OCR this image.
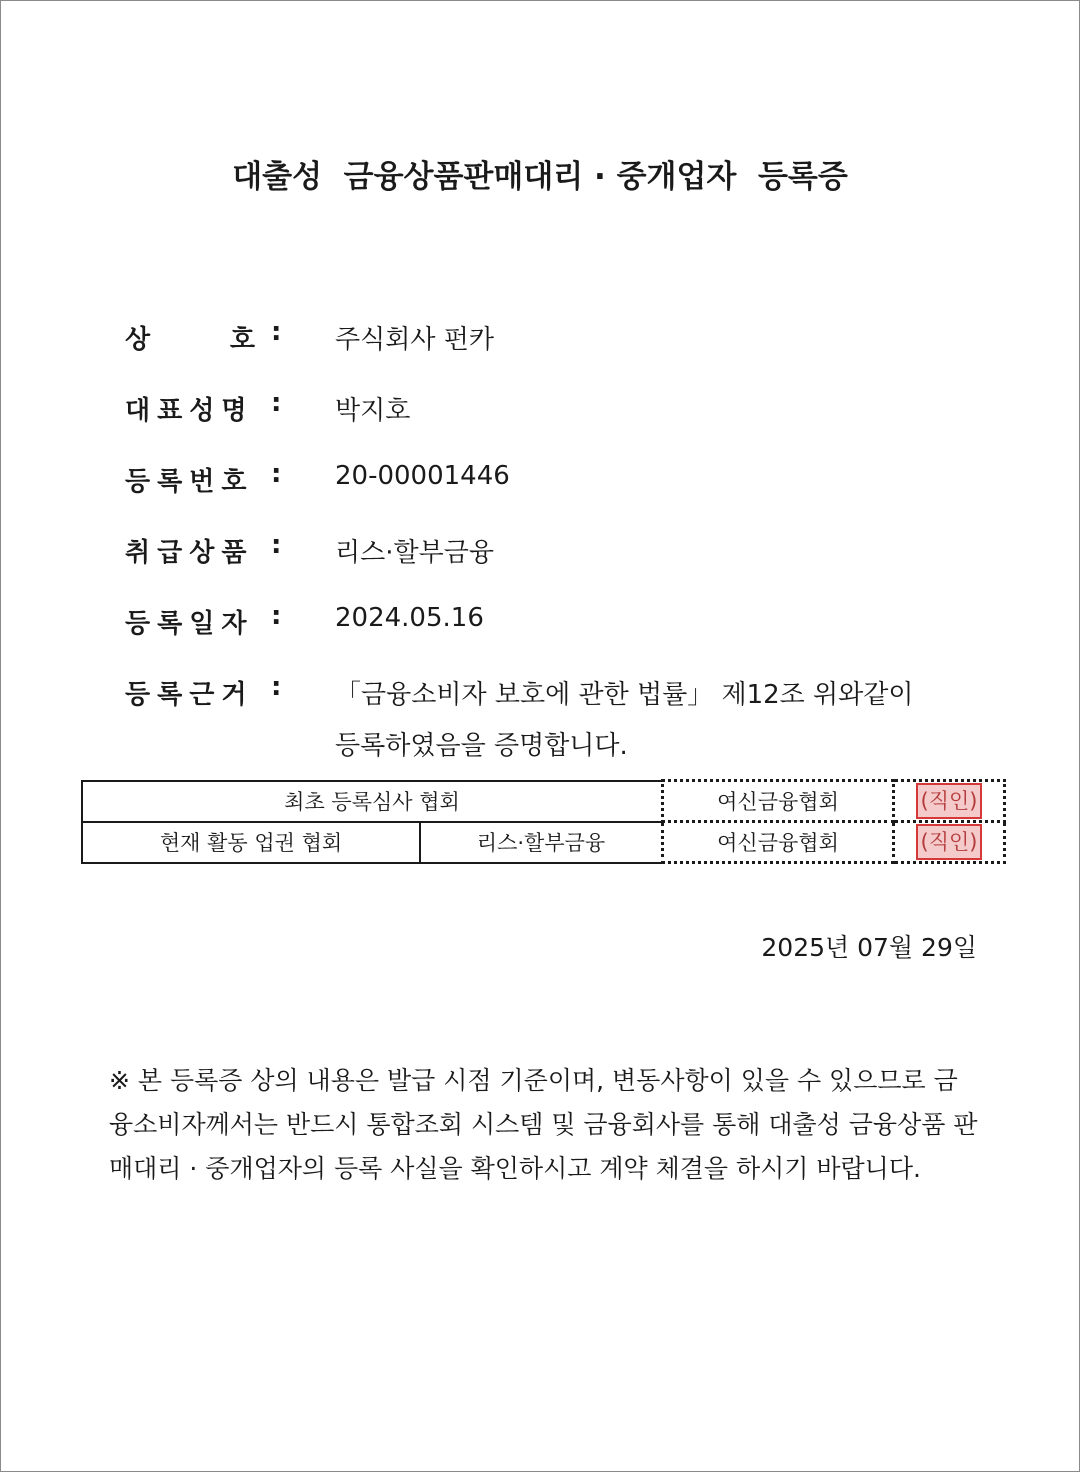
대출성  금융상품판매대리 · 중개업자  등록증
상	호 : 주식회사 펀카
대표성명 : 박지호
등록번호 : 20-00001446
취급상품 : 리스·할부금융
등록일자 : 2024.05.16
등록근거 : 「금융소비자 보호에 관한 법률」 제12조 위와같이
등록하였음을 증명합니다.
최초 등록심사 협회		여신금융협회	(직인)
현재 활동 업권 협회	리스·할부금융	여신금융협회	(직인)
2025년 07월 29일
※ 본 등록증 상의 내용은 발급 시점 기준이며, 변동사항이 있을 수 있으므로 금융소비자께서는 반드시 통합조회 시스템 및 금융회사를 통해 대출성 금융상품 판매대리 · 중개업자의 등록 사실을 확인하시고 계약 체결을 하시기 바랍니다.
